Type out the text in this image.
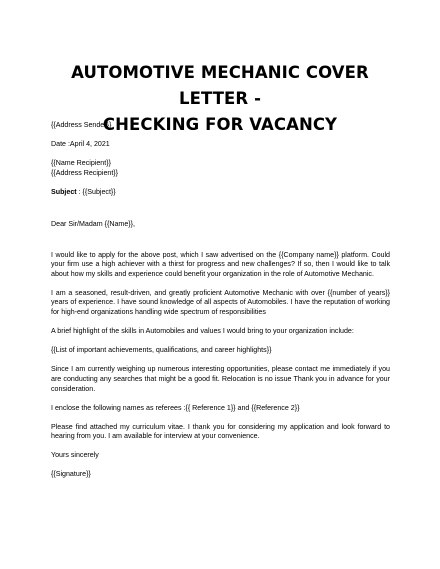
AUTOMOTIVE MECHANIC COVER LETTER -
CHECKING FOR VACANCY

{{Address Sender}}

Date :April 4, 2021

{{Name Recipient}}

{{Address Recipient}}

Subject : {{Subject}}

Dear Sir/Madam {{Name}},

I would like to apply for the above post, which I saw advertised on the {{Company name}} platform. Could your firm use a high achiever with a thirst for progress and new challenges? If so, then I would like to talk about how my skills and experience could benefit your organization in the role of Automotive Mechanic.

I am a seasoned, result-driven, and greatly proficient Automotive Mechanic with over {{number of years}} years of experience. I have sound knowledge of all aspects of Automobiles. I have the reputation of working for high-end organizations handling wide spectrum of responsibilities

A brief highlight of the skills in Automobiles and values I would bring to your organization include:

{{List of important achievements, qualifications, and career highlights}}

Since I am currently weighing up numerous interesting opportunities, please contact me immediately if you are conducting any searches that might be a good fit. Relocation is no issue Thank you in advance for your consideration.

I enclose the following names as referees :{{ Reference 1}} and {{Reference 2}}

Please find attached my curriculum vitae. I thank you for considering my application and look forward to hearing from you. I am available for interview at your convenience.

Yours sincerely

{{Signature}}
